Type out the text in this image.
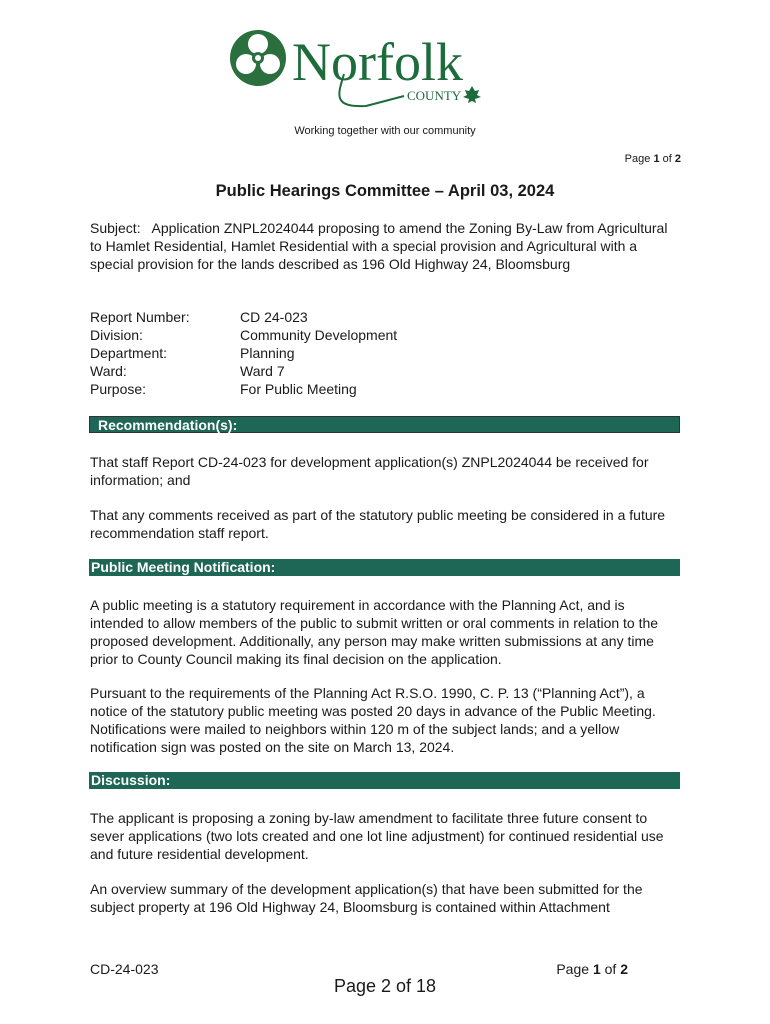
Norfolk
COUNTY
Working together with our community
Page 1 of 2
Public Hearings Committee – April 03, 2024
Subject:   Application ZNPL2024044 proposing to amend the Zoning By-Law from Agricultural to Hamlet Residential, Hamlet Residential with a special provision and Agricultural with a special provision for the lands described as 196 Old Highway 24, Bloomsburg
Report Number:	CD 24-023
Division:	Community Development
Department:	Planning
Ward:	Ward 7
Purpose:	For Public Meeting
Recommendation(s):
That staff Report CD-24-023 for development application(s) ZNPL2024044 be received for information; and
That any comments received as part of the statutory public meeting be considered in a future recommendation staff report.
Public Meeting Notification:
A public meeting is a statutory requirement in accordance with the Planning Act, and is intended to allow members of the public to submit written or oral comments in relation to the proposed development. Additionally, any person may make written submissions at any time prior to County Council making its final decision on the application.
Pursuant to the requirements of the Planning Act R.S.O. 1990, C. P. 13 (“Planning Act”), a notice of the statutory public meeting was posted 20 days in advance of the Public Meeting. Notifications were mailed to neighbors within 120 m of the subject lands; and a yellow notification sign was posted on the site on March 13, 2024.
Discussion:
The applicant is proposing a zoning by-law amendment to facilitate three future consent to sever applications (two lots created and one lot line adjustment) for continued residential use and future residential development.
An overview summary of the development application(s) that have been submitted for the subject property at 196 Old Highway 24, Bloomsburg is contained within Attachment
CD-24-023	Page 1 of 2
Page 2 of 18
